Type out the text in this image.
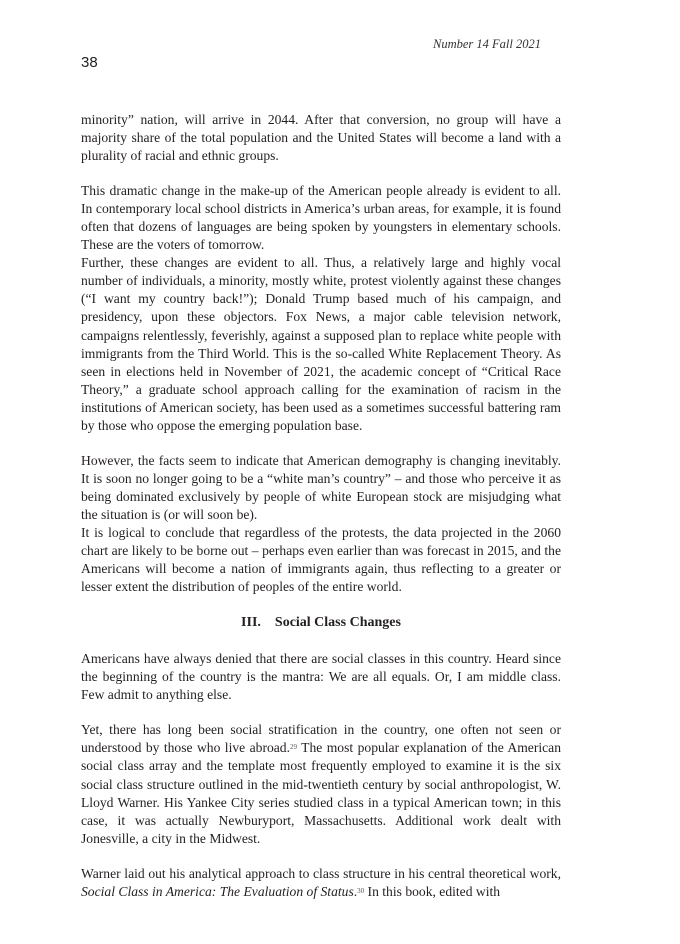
Number 14 Fall 2021
38

minority” nation, will arrive in 2044. After that conversion, no group will have a majority share of the total population and the United States will become a land with a plurality of racial and ethnic groups.

This dramatic change in the make-up of the American people already is evident to all. In contemporary local school districts in America’s urban areas, for example, it is found often that dozens of languages are being spoken by youngsters in elementary schools. These are the voters of tomorrow.

Further, these changes are evident to all. Thus, a relatively large and highly vocal number of individuals, a minority, mostly white, protest violently against these changes (“I want my country back!”); Donald Trump based much of his campaign, and presidency, upon these objectors. Fox News, a major cable television network, campaigns relentlessly, feverishly, against a supposed plan to replace white people with immigrants from the Third World. This is the so-called White Replacement Theory. As seen in elections held in November of 2021, the academic concept of “Critical Race Theory,” a graduate school approach calling for the examination of racism in the institutions of American society, has been used as a sometimes successful battering ram by those who oppose the emerging population base.

However, the facts seem to indicate that American demography is changing inevitably. It is soon no longer going to be a “white man’s country” – and those who perceive it as being dominated exclusively by people of white European stock are misjudging what the situation is (or will soon be).

It is logical to conclude that regardless of the protests, the data projected in the 2060 chart are likely to be borne out – perhaps even earlier than was forecast in 2015, and the Americans will become a nation of immigrants again, thus reflecting to a greater or lesser extent the distribution of peoples of the entire world.

III. Social Class Changes

Americans have always denied that there are social classes in this country. Heard since the beginning of the country is the mantra: We are all equals. Or, I am middle class. Few admit to anything else.

Yet, there has long been social stratification in the country, one often not seen or understood by those who live abroad.$^{29}$ The most popular explanation of the American social class array and the template most frequently employed to examine it is the six social class structure outlined in the mid-twentieth century by social anthropologist, W. Lloyd Warner. His Yankee City series studied class in a typical American town; in this case, it was actually Newburyport, Massachusetts. Additional work dealt with Jonesville, a city in the Midwest.

Warner laid out his analytical approach to class structure in his central theoretical work, Social Class in America: The Evaluation of Status.$^{30}$ In this book, edited with
